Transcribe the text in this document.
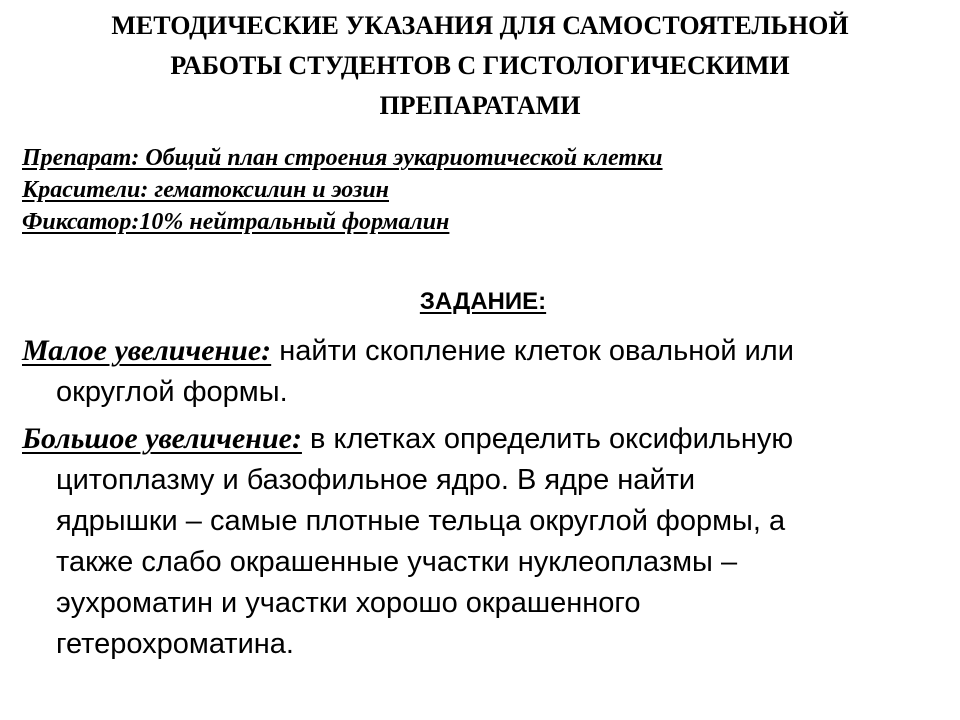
МЕТОДИЧЕСКИЕ УКАЗАНИЯ ДЛЯ САМОСТОЯТЕЛЬНОЙ
РАБОТЫ СТУДЕНТОВ С ГИСТОЛОГИЧЕСКИМИ
ПРЕПАРАТАМИ
Препарат: Общий план строения эукариотической клетки
Красители: гематоксилин и эозин
Фиксатор:10% нейтральный формалин
ЗАДАНИЕ:
Малое увеличение: найти скопление клеток овальной или
округлой формы.
Большое увеличение: в клетках определить оксифильную
цитоплазму и базофильное ядро. В ядре найти
ядрышки – самые плотные тельца округлой формы, а
также слабо окрашенные участки нуклеоплазмы –
эухроматин и участки хорошо окрашенного
гетерохроматина.
